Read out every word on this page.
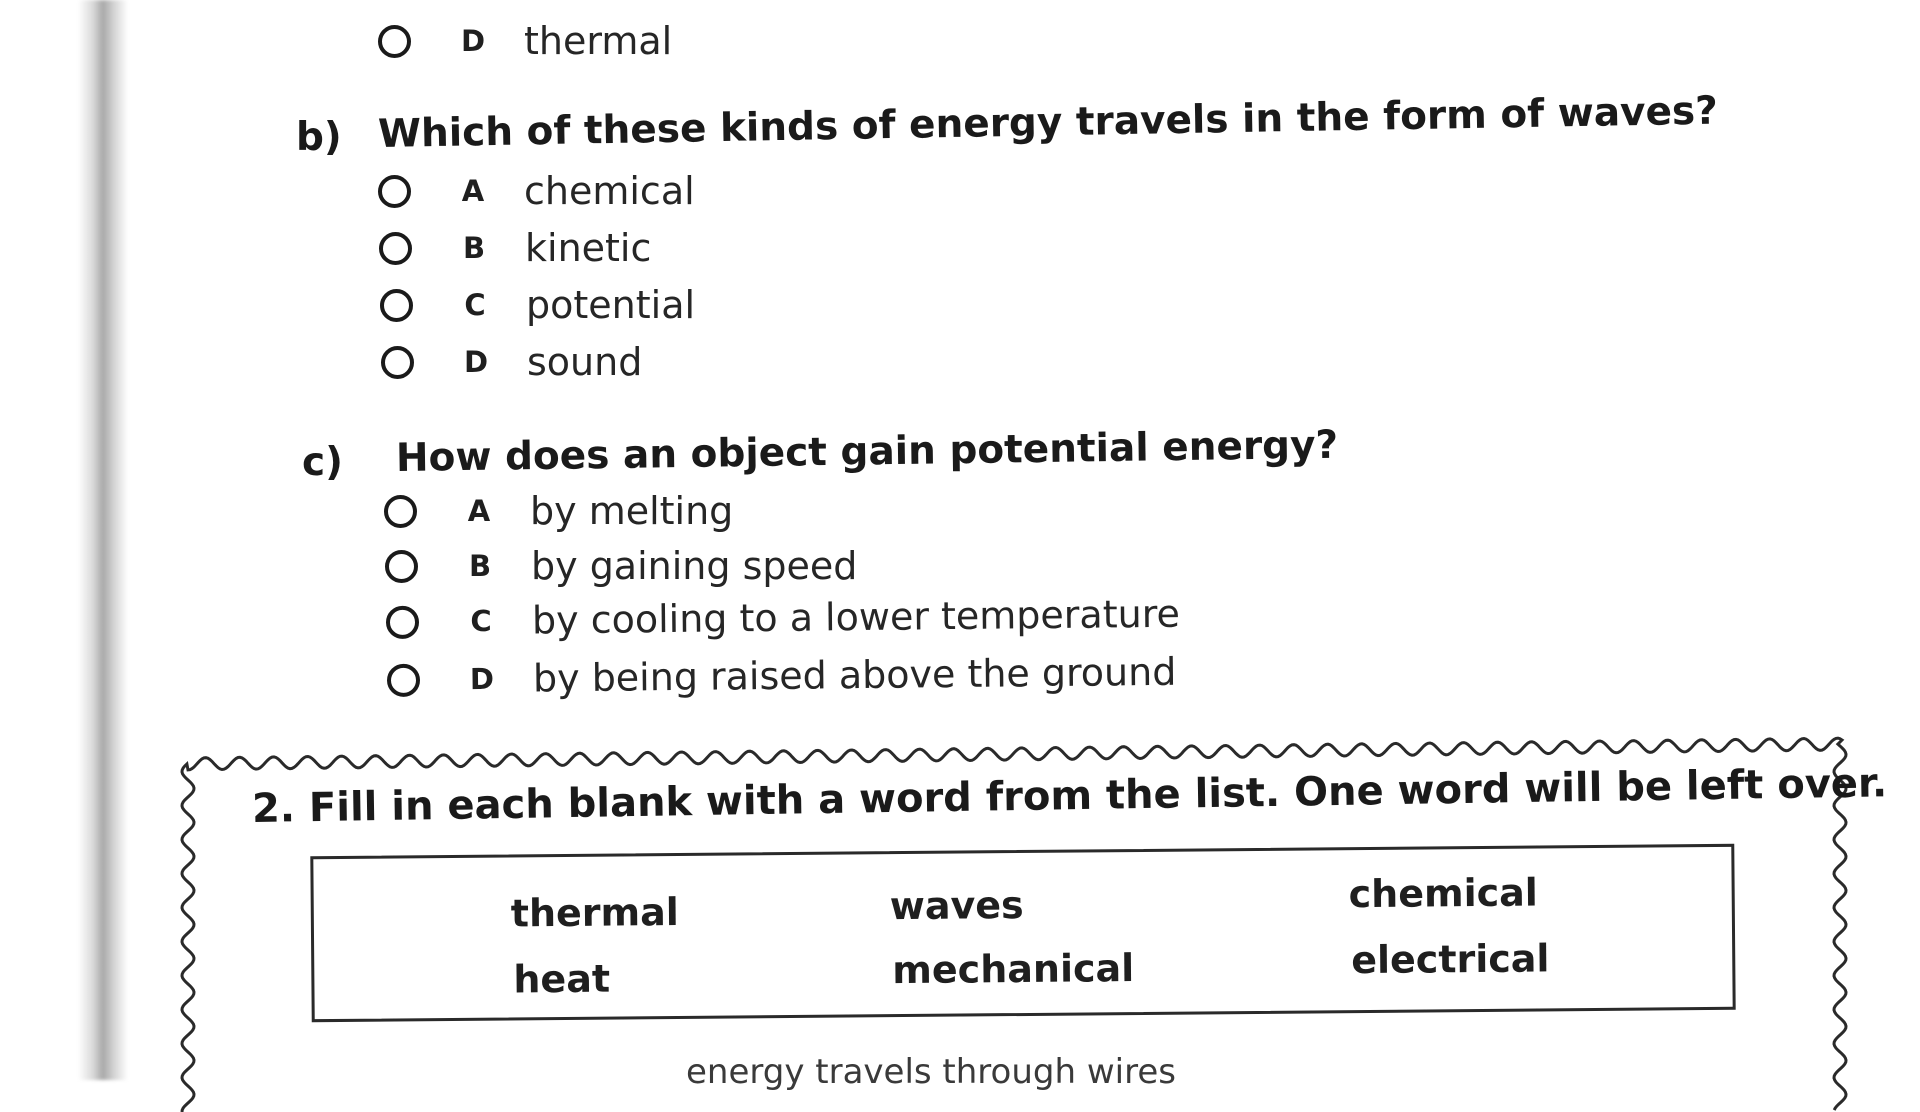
D thermal
b) Which of these kinds of energy travels in the form of waves?
A chemical
B kinetic
C potential
D sound
c) How does an object gain potential energy?
A by melting
B by gaining speed
C by cooling to a lower temperature
D by being raised above the ground
2. Fill in each blank with a word from the list. One word will be left over.
thermal	waves	chemical
heat	mechanical	electrical
energy travels through wires
